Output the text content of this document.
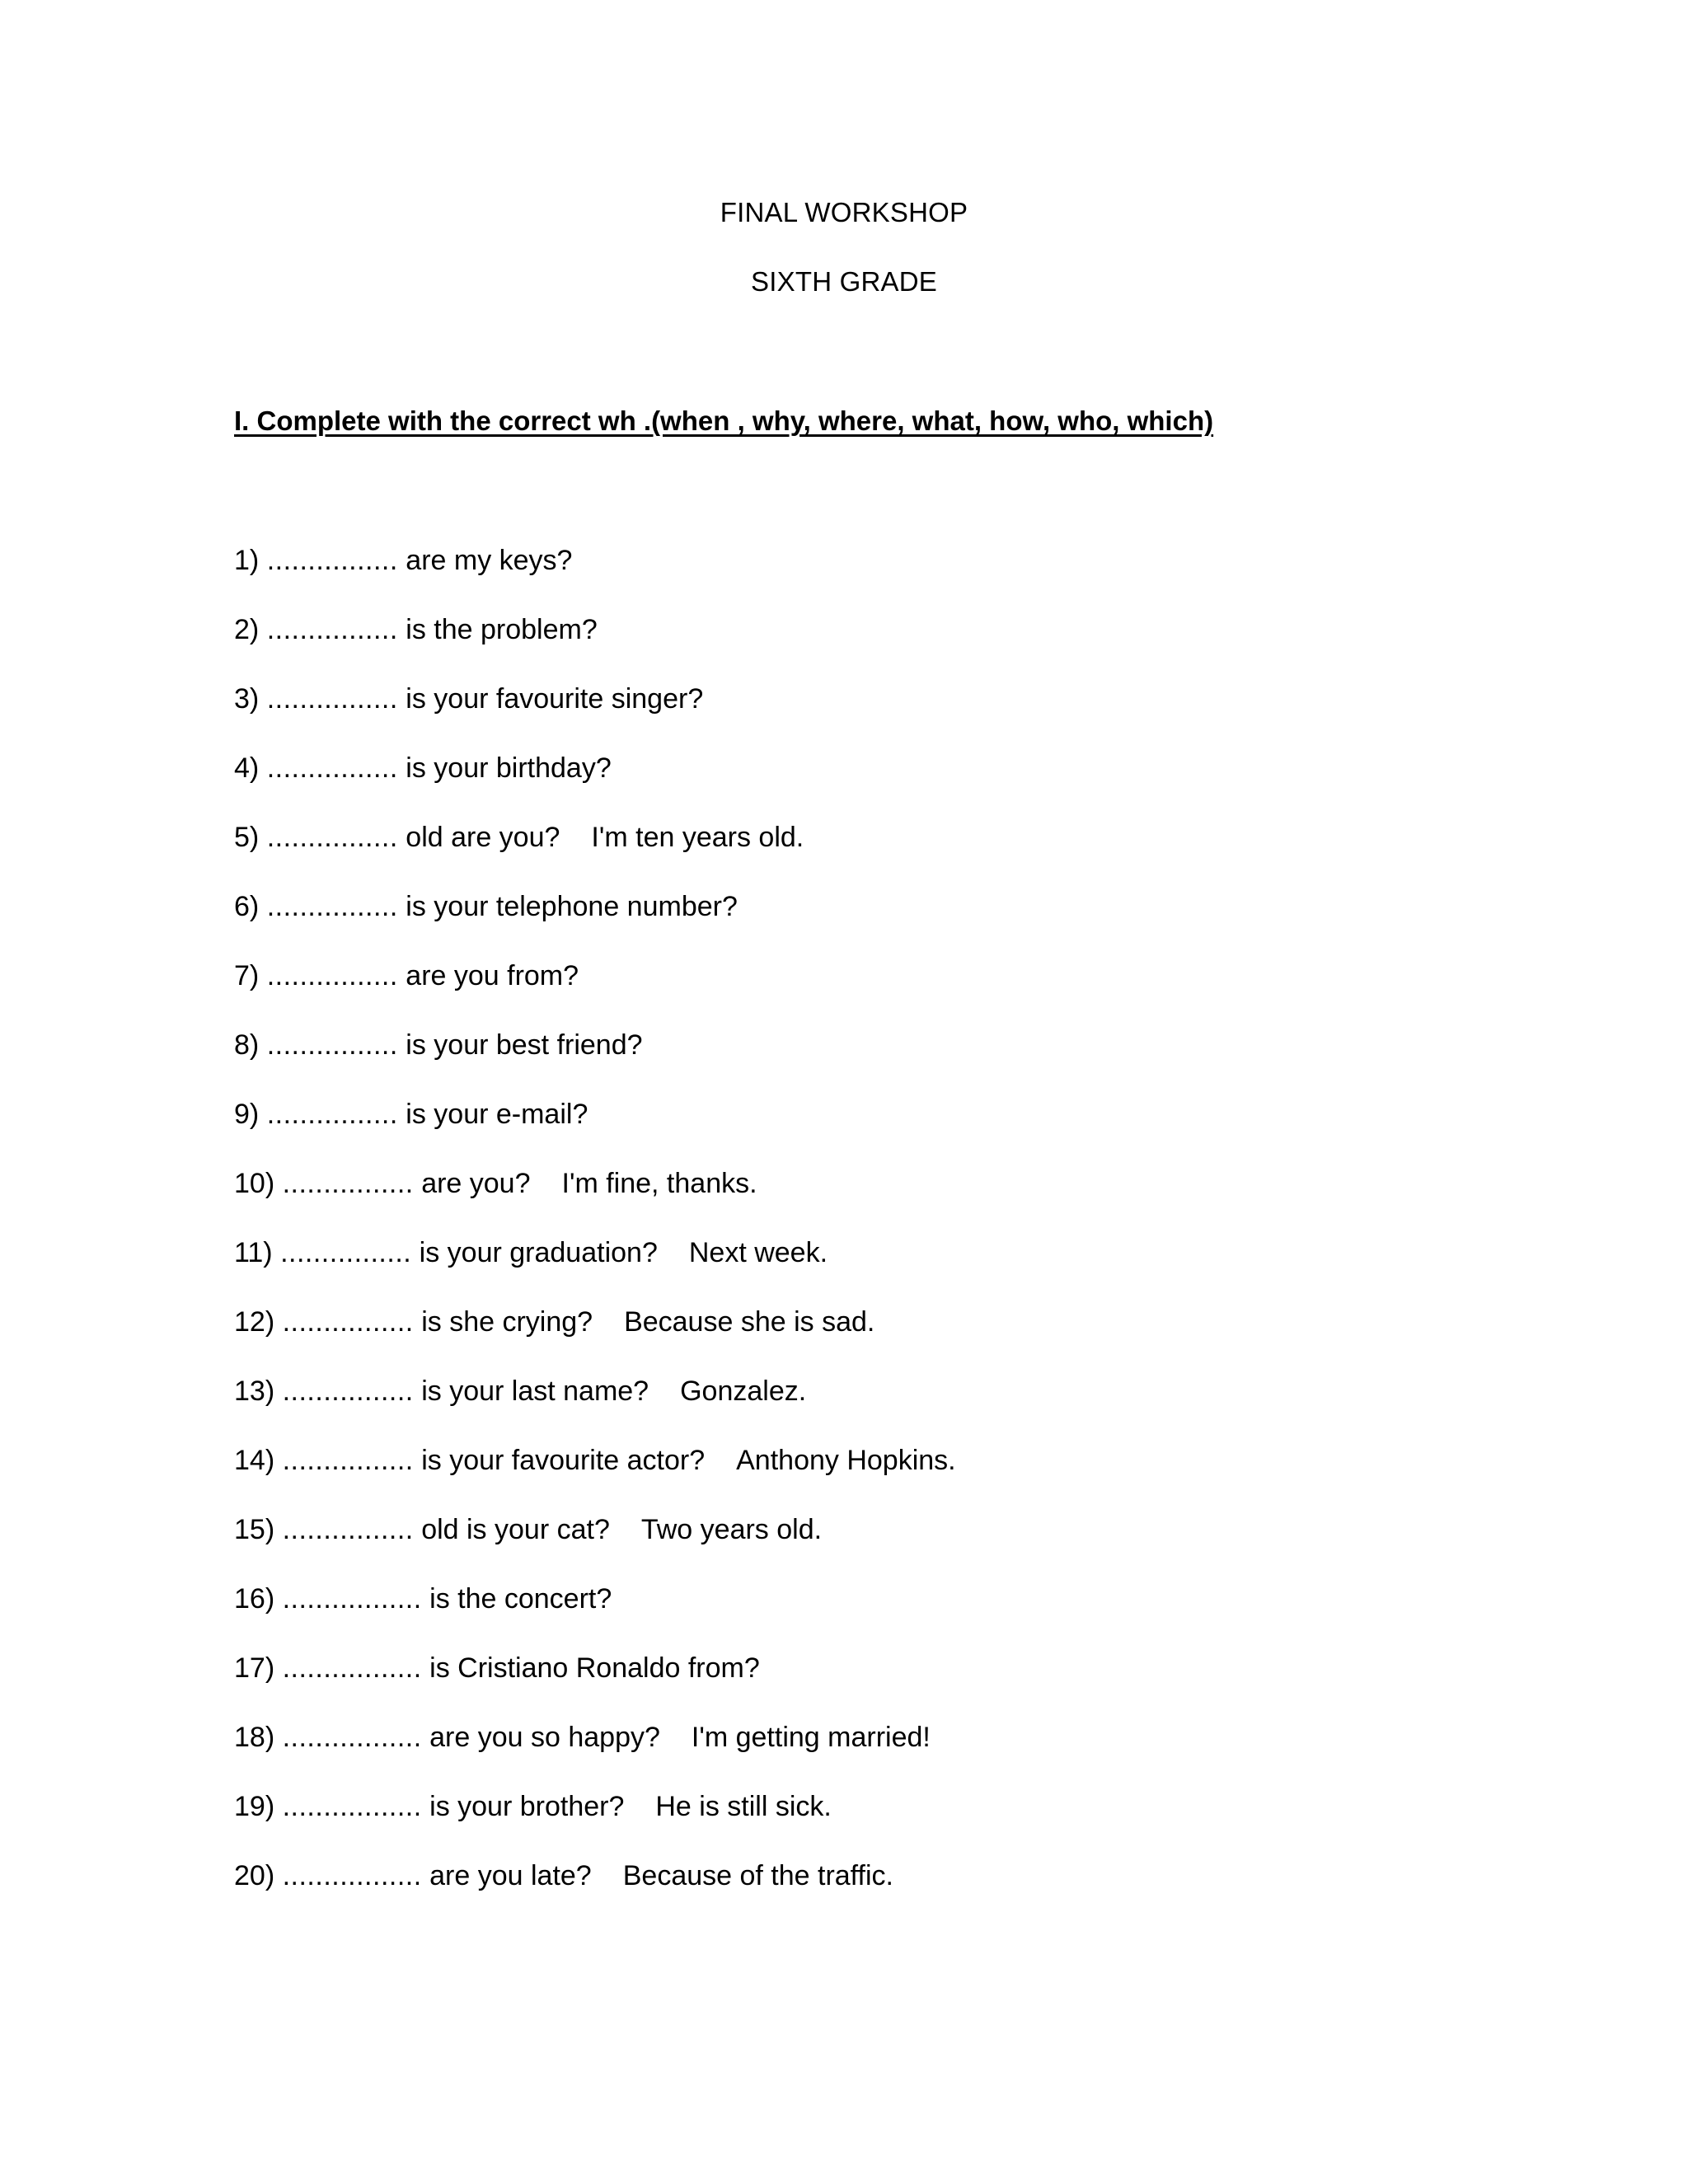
FINAL WORKSHOP
SIXTH GRADE
I. Complete with the correct wh .(when , why, where, what, how, who, which)
1) ................ are my keys?
2) ................ is the problem?
3) ................ is your favourite singer?
4) ................ is your birthday?
5) ................ old are you? I'm ten years old.
6) ................ is your telephone number?
7) ................ are you from?
8) ................ is your best friend?
9) ................ is your e-mail?
10) ................ are you? I'm fine, thanks.
11) ................ is your graduation? Next week.
12) ................ is she crying? Because she is sad.
13) ................ is your last name? Gonzalez.
14) ................ is your favourite actor? Anthony Hopkins.
15) ................ old is your cat? Two years old.
16) ................. is the concert?
17) ................. is Cristiano Ronaldo from?
18) ................. are you so happy? I'm getting married!
19) ................. is your brother? He is still sick.
20) ................. are you late? Because of the traffic.
